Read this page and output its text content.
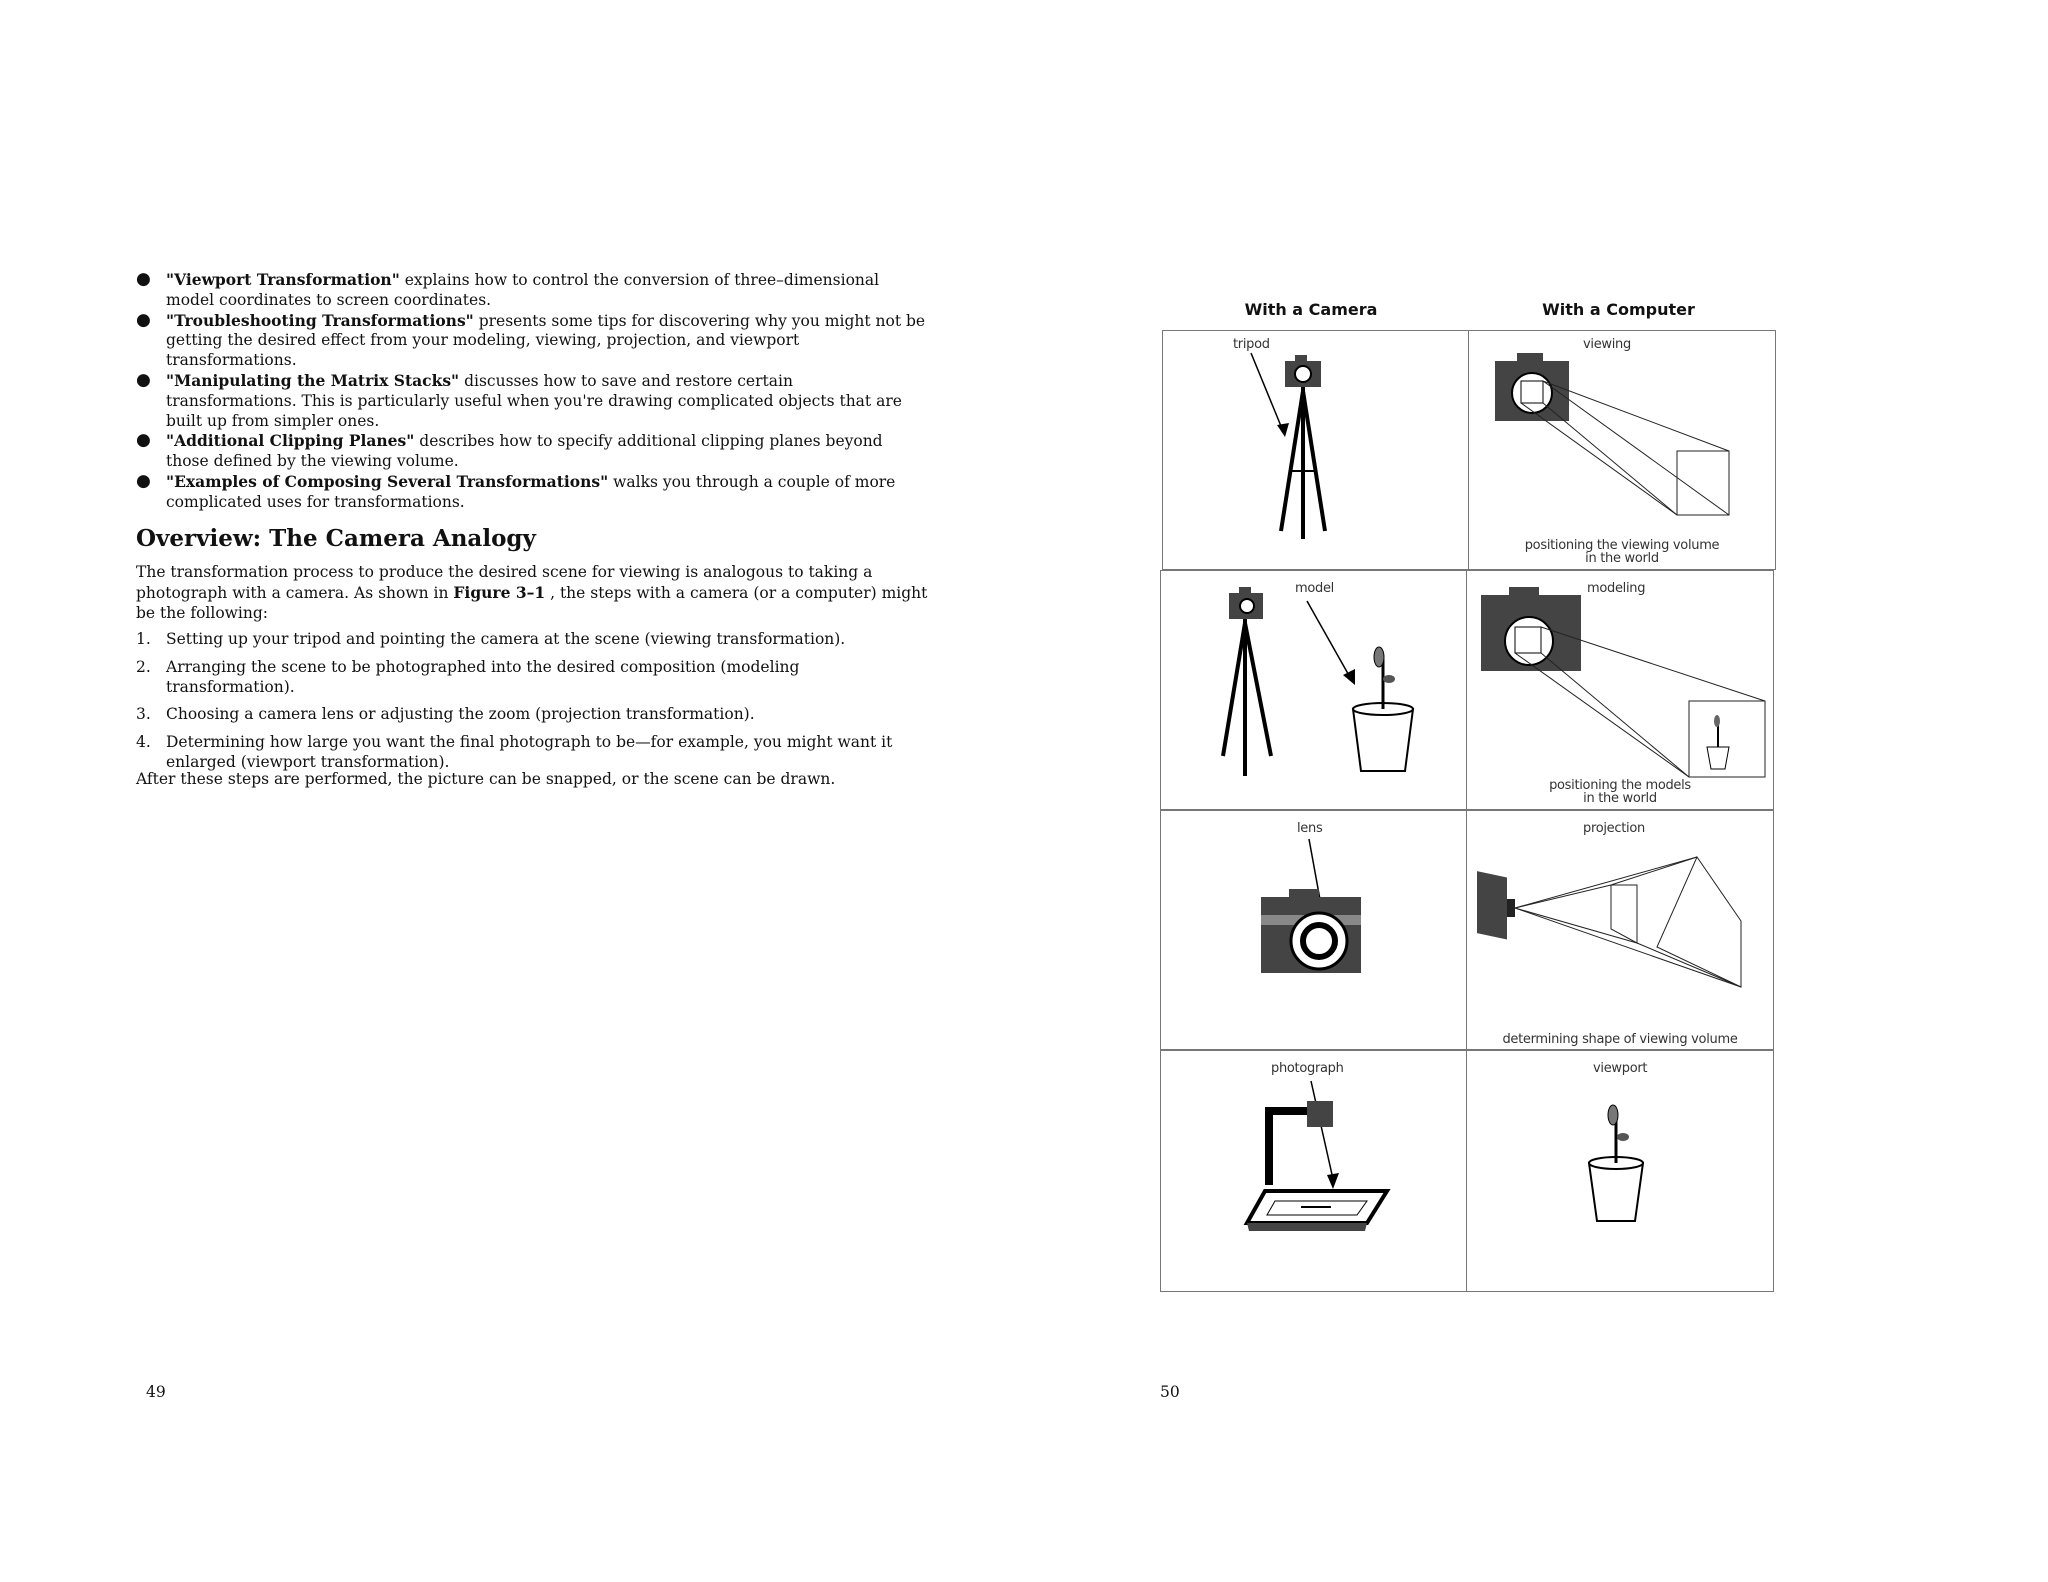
● "Viewport Transformation" explains how to control the conversion of three–dimensional model coordinates to screen coordinates.
● "Troubleshooting Transformations" presents some tips for discovering why you might not be getting the desired effect from your modeling, viewing, projection, and viewport transformations.
● "Manipulating the Matrix Stacks" discusses how to save and restore certain transformations. This is particularly useful when you're drawing complicated objects that are built up from simpler ones.
● "Additional Clipping Planes" describes how to specify additional clipping planes beyond those defined by the viewing volume.
● "Examples of Composing Several Transformations" walks you through a couple of more complicated uses for transformations.
Overview: The Camera Analogy

The transformation process to produce the desired scene for viewing is analogous to taking a photograph with a camera. As shown in Figure 3–1 , the steps with a camera (or a computer) might be the following:

1. Setting up your tripod and pointing the camera at the scene (viewing transformation).
2. Arranging the scene to be photographed into the desired composition (modeling transformation).
3. Choosing a camera lens or adjusting the zoom (projection transformation).
4. Determining how large you want the final photograph to be—for example, you might want it enlarged (viewport transformation).

After these steps are performed, the picture can be snapped, or the scene can be drawn.

49	50
With a Camera	With a Computer
tripod	viewing
positioning the viewing volume
in the world
model	modeling
positioning the models
in the world
lens	projection
determining shape of viewing volume
photograph	viewport
